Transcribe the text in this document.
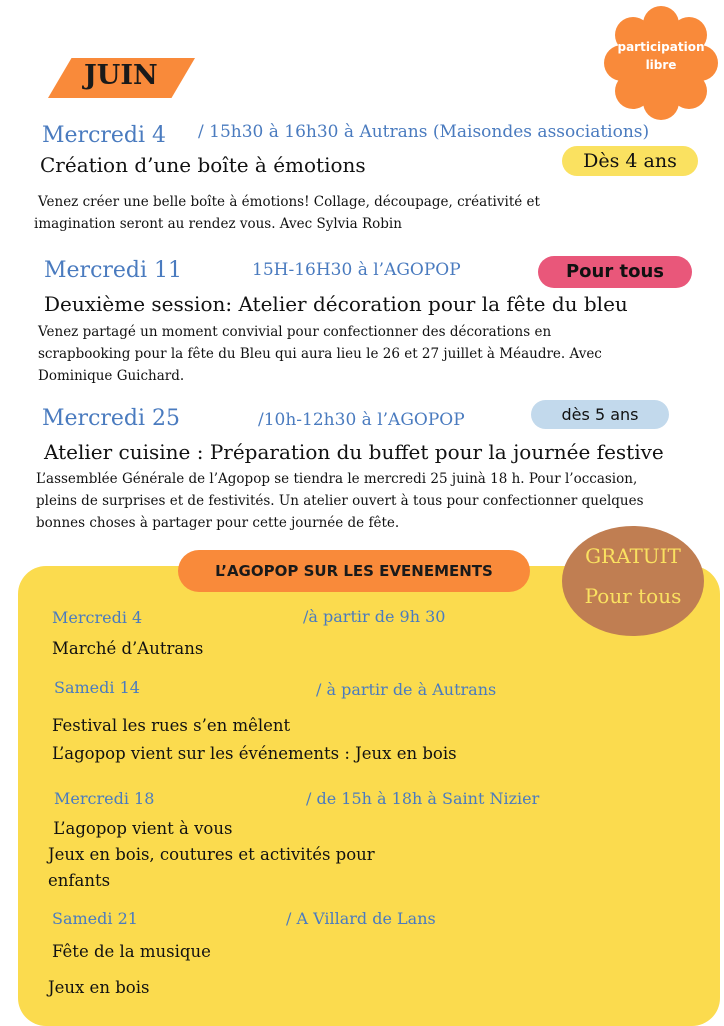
JUIN
participation
libre
Mercredi 4 / 15h30 à 16h30 à Autrans (Maisondes associations)
Dès 4 ans
Création d’une boîte à émotions
Venez créer une belle boîte à émotions! Collage, découpage, créativité et
imagination seront au rendez vous. Avec Sylvia Robin
Mercredi 11	15H-16H30 à l’AGOPOP	Pour tous
Deuxième session: Atelier décoration pour la fête du bleu
Venez partagé un moment convivial pour confectionner des décorations en
scrapbooking pour la fête du Bleu qui aura lieu le 26 et 27 juillet à Méaudre. Avec
Dominique Guichard.
Mercredi 25	/10h-12h30 à l’AGOPOP	dès 5 ans
Atelier cuisine : Préparation du buffet pour la journée festive
L’assemblée Générale de l’Agopop se tiendra le mercredi 25 juinà 18 h. Pour l’occasion,
pleins de surprises et de festivités. Un atelier ouvert à tous pour confectionner quelques
bonnes choses à partager pour cette journée de fête.
L’AGOPOP SUR LES EVENEMENTS
GRATUIT
Pour tous
Mercredi 4	/à partir de 9h 30
Marché d’Autrans
Samedi 14	/ à partir de à Autrans
Festival les rues s’en mêlent
L’agopop vient sur les événements : Jeux en bois
Mercredi 18	/ de 15h à 18h à Saint Nizier
L’agopop vient à vous
Jeux en bois, coutures et activités pour
enfants
Samedi 21	/ A Villard de Lans
Fête de la musique
Jeux en bois
